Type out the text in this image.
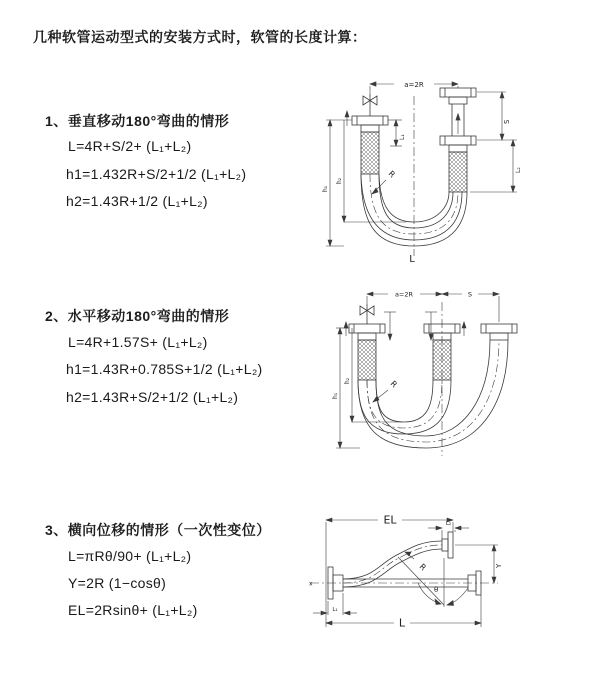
几种软管运动型式的安装方式时，软管的长度计算：
1、垂直移动180°弯曲的情形
L=4R+S/2+ (L₁+L₂)
h1=1.432R+S/2+1/2 (L₁+L₂)
h2=1.43R+1/2 (L₁+L₂)
2、水平移动180°弯曲的情形
L=4R+1.57S+ (L₁+L₂)
h1=1.43R+0.785S+1/2 (L₁+L₂)
h2=1.43R+S/2+1/2 (L₁+L₂)
3、横向位移的情形（一次性变位）
L=πRθ/90+ (L₁+L₂)
Y=2R (1−cosθ)
EL=2Rsinθ+ (L₁+L₂)
a=2R
L₁
S
L₂
h₁
h₂
R
L
a=2R	S
h₁
h₂	R
EL	L₂
Y
R
θ
x
L₁
L
